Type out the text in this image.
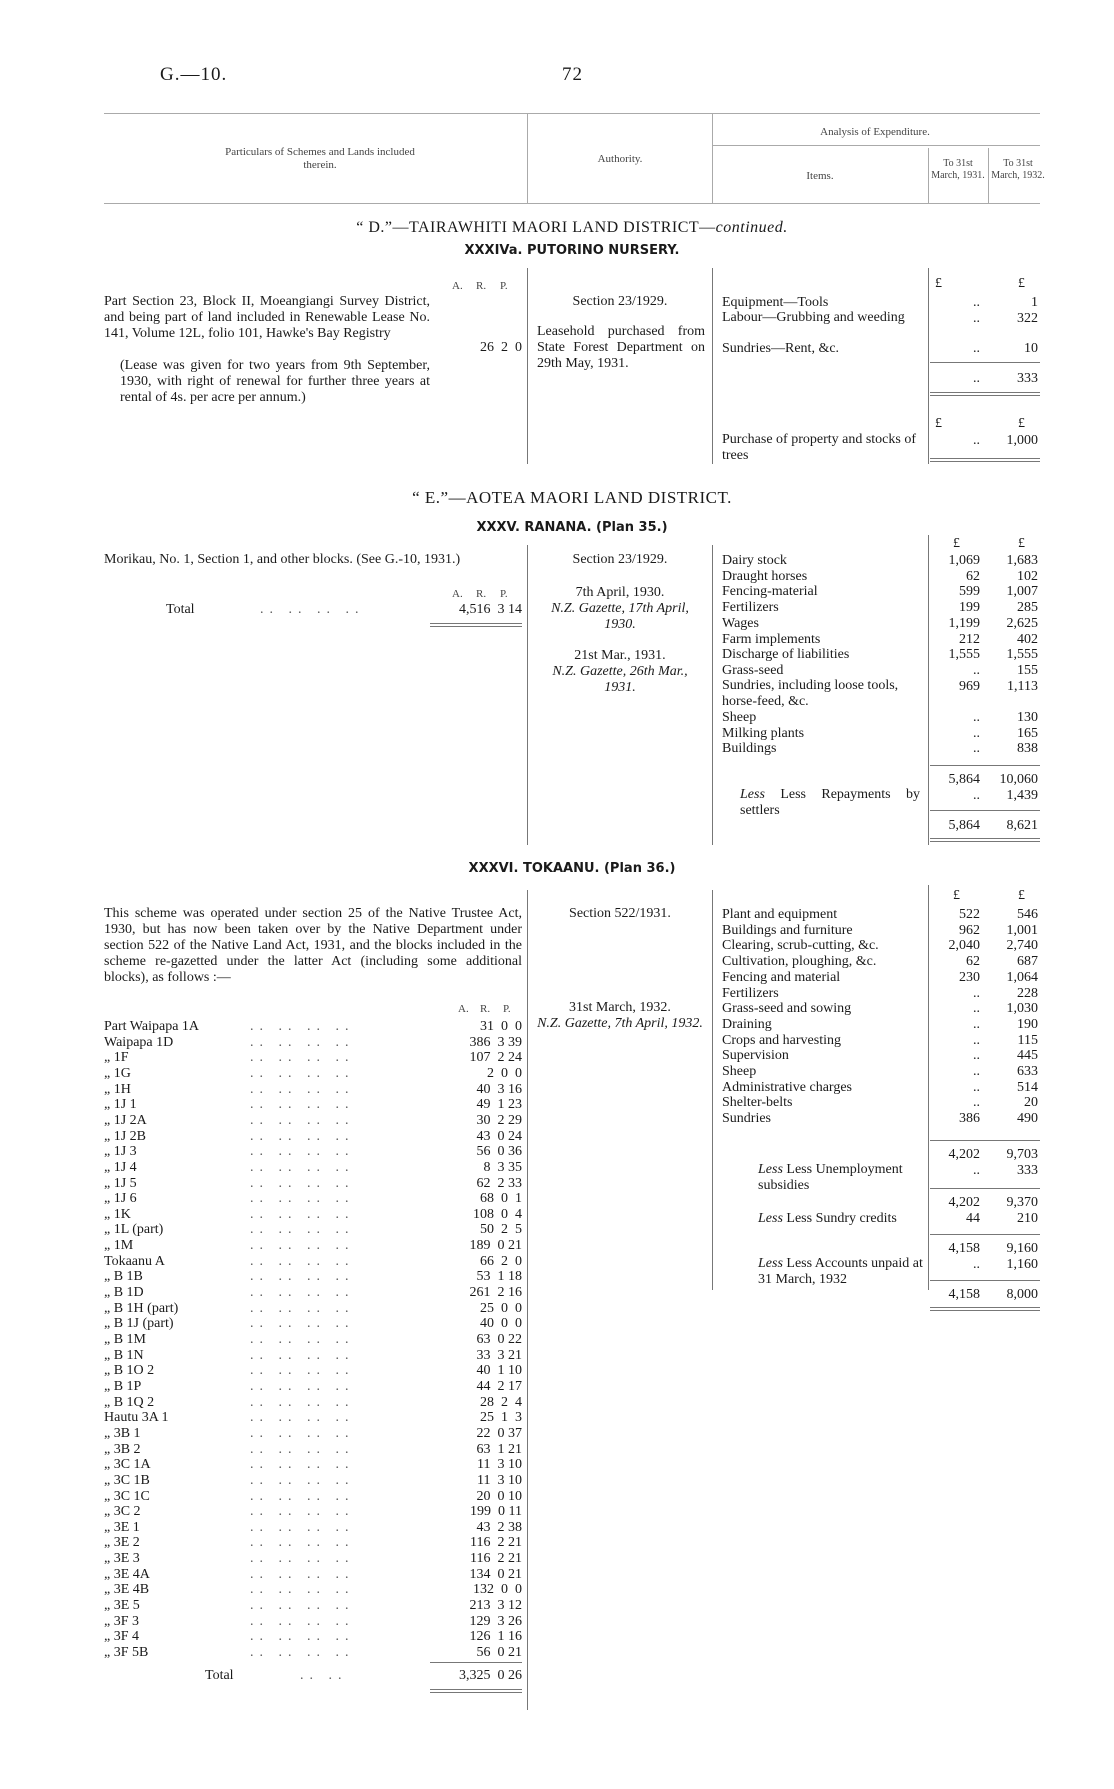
G.—10.	72
Particulars of Schemes and Lands included therein.	Authority.
Analysis of Expenditure.
Items.
To 31st March, 1931.
To 31st March, 1932.
“ D.”—TAIRAWHITI MAORI LAND DISTRICT—continued.
XXXIVa. PUTORINO NURSERY.
Part Section 23, Block II, Moeangiangi Survey District, and being part of land included in Renewable Lease No. 141, Volume 12L, folio 101, Hawke's Bay Registry
(Lease was given for two years from 9th September, 1930, with right of renewal for further three years at rental of 4s. per acre per annum.)
A. R. P.
26  2  0
Section 23/1929.
Leasehold purchased from State Forest Department on 29th May, 1931.
£	£
Equipment—Tools	..	1
Labour—Grubbing and weeding	..	322
Sundries—Rent, &c.	..	10
..	333
£	£
Purchase of property and stocks of trees
..	1,000
“ E.”—AOTEA MAORI LAND DISTRICT.
XXXV. RANANA. (Plan 35.)
Morikau, No. 1, Section 1, and other blocks. (See G.-10, 1931.)
A. R. P.
Total	.. .. .. ..	4,516  3 14
Section 23/1929.
7th April, 1930.
N.Z. Gazette, 17th April, 1930.
21st Mar., 1931.
N.Z. Gazette, 26th Mar., 1931.
£	£
Dairy stock	1,069	1,683
Draught horses	62	102
Fencing-material	599	1,007
Fertilizers	199	285
Wages	1,199	2,625
Farm implements	212	402
Discharge of liabilities	1,555	1,555
Grass-seed	..	155
Sundries, including loose tools, horse-feed, &c.
969	1,113
Sheep	..	130
Milking plants	..	165
Buildings	..	838
5,864	10,060
Less Less Repayments by settlers
..	1,439
5,864	8,621
XXXVI. TOKAANU. (Plan 36.)
This scheme was operated under section 25 of the Native Trustee Act, 1930, but has now been taken over by the Native Department under section 522 of the Native Land Act, 1931, and the blocks included in the scheme re-gazetted under the latter Act (including some additional blocks), as follows :—
A. R. P.
Part Waipapa 1A	.. .. .. ..	31  0  0
Waipapa 1D	.. .. .. ..	386  3 39
„ 1F	.. .. .. ..	107  2 24
„ 1G	.. .. .. ..	2  0  0
„ 1H	.. .. .. ..	40  3 16
„ 1J 1	.. .. .. ..	49  1 23
„ 1J 2A	.. .. .. ..	30  2 29
„ 1J 2B	.. .. .. ..	43  0 24
„ 1J 3	.. .. .. ..	56  0 36
„ 1J 4	.. .. .. ..	8  3 35
„ 1J 5	.. .. .. ..	62  2 33
„ 1J 6	.. .. .. ..	68  0  1
„ 1K	.. .. .. ..	108  0  4
„ 1L (part)	.. .. .. ..	50  2  5
„ 1M	.. .. .. ..	189  0 21
Tokaanu A	.. .. .. ..	66  2  0
„ B 1B	.. .. .. ..	53  1 18
„ B 1D	.. .. .. ..	261  2 16
„ B 1H (part)	.. .. .. ..	25  0  0
„ B 1J (part)	.. .. .. ..	40  0  0
„ B 1M	.. .. .. ..	63  0 22
„ B 1N	.. .. .. ..	33  3 21
„ B 1O 2	.. .. .. ..	40  1 10
„ B 1P	.. .. .. ..	44  2 17
„ B 1Q 2	.. .. .. ..	28  2  4
Hautu 3A 1	.. .. .. ..	25  1  3
„ 3B 1	.. .. .. ..	22  0 37
„ 3B 2	.. .. .. ..	63  1 21
„ 3C 1A	.. .. .. ..	11  3 10
„ 3C 1B	.. .. .. ..	11  3 10
„ 3C 1C	.. .. .. ..	20  0 10
„ 3C 2	.. .. .. ..	199  0 11
„ 3E 1	.. .. .. ..	43  2 38
„ 3E 2	.. .. .. ..	116  2 21
„ 3E 3	.. .. .. ..	116  2 21
„ 3E 4A	.. .. .. ..	134  0 21
„ 3E 4B	.. .. .. ..	132  0  0
„ 3E 5	.. .. .. ..	213  3 12
„ 3F 3	.. .. .. ..	129  3 26
„ 3F 4	.. .. .. ..	126  1 16
„ 3F 5B	.. .. .. ..	56  0 21
Total	.. ..	3,325  0 26
Section 522/1931.
31st March, 1932.
N.Z. Gazette, 7th April, 1932.
£	£
Plant and equipment	522	546
Buildings and furniture	962	1,001
Clearing, scrub-cutting, &c.	2,040	2,740
Cultivation, ploughing, &c.	62	687
Fencing and material	230	1,064
Fertilizers	..	228
Grass-seed and sowing	..	1,030
Draining	..	190
Crops and harvesting	..	115
Supervision	..	445
Sheep	..	633
Administrative charges	..	514
Shelter-belts	..	20
Sundries	386	490
4,202	9,703
Less Less Unemployment subsidies
..	333
4,202	9,370
Less Less Sundry credits	44	210
4,158	9,160
Less Less Accounts unpaid at 31 March, 1932
..	1,160
4,158	8,000
